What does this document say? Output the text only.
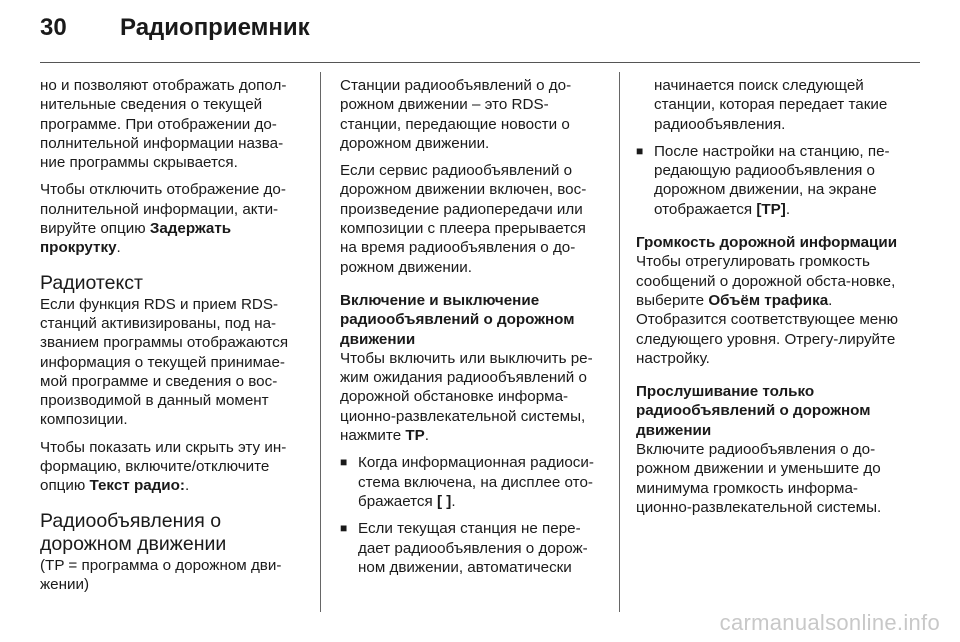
30	Радиоприемник

но и позволяют отображать допол-нительные сведения о текущей программе. При отображении до-полнительной информации назва-ние программы скрывается.

Чтобы отключить отображение до-полнительной информации, акти-вируйте опцию Задержать прокрутку.

Радиотекст

Если функция RDS и прием RDS-станций активизированы, под на-званием программы отображаются информация о текущей принимае-мой программе и сведения о вос-производимой в данный момент композиции.

Чтобы показать или скрыть эту ин-формацию, включите/отключите опцию Текст радио:.

Радиообъявления о дорожном движении

(TP = программа о дорожном дви-жении)

Станции радиообъявлений о до-рожном движении – это RDS-станции, передающие новости о дорожном движении.

Если сервис радиообъявлений о дорожном движении включен, вос-произведение радиопередачи или композиции с плеера прерывается на время радиообъявления о до-рожном движении.

Включение и выключение радиообъявлений о дорожном движении

Чтобы включить или выключить ре-жим ожидания радиообъявлений о дорожной обстановке информа-ционно-развлекательной системы, нажмите TP.

■ Когда информационная радиоси-стема включена, на дисплее ото-бражается [ ].
■ Если текущая станция не пере-дает радиообъявления о дорож-ном движении, автоматически
начинается поиск следующей станции, которая передает такие радиообъявления.
■ После настройки на станцию, пе-редающую радиообъявления о дорожном движении, на экране отображается [TP].
Громкость дорожной информации

Чтобы отрегулировать громкость сообщений о дорожной обста-новке, выберите Объём трафика. Отобразится соответствующее меню следующего уровня. Отрегу-лируйте настройку.

Прослушивание только радиообъявлений о дорожном движении

Включите радиообъявления о до-рожном движении и уменьшите до минимума громкость информа-ционно-развлекательной системы.

carmanualsonline.info
